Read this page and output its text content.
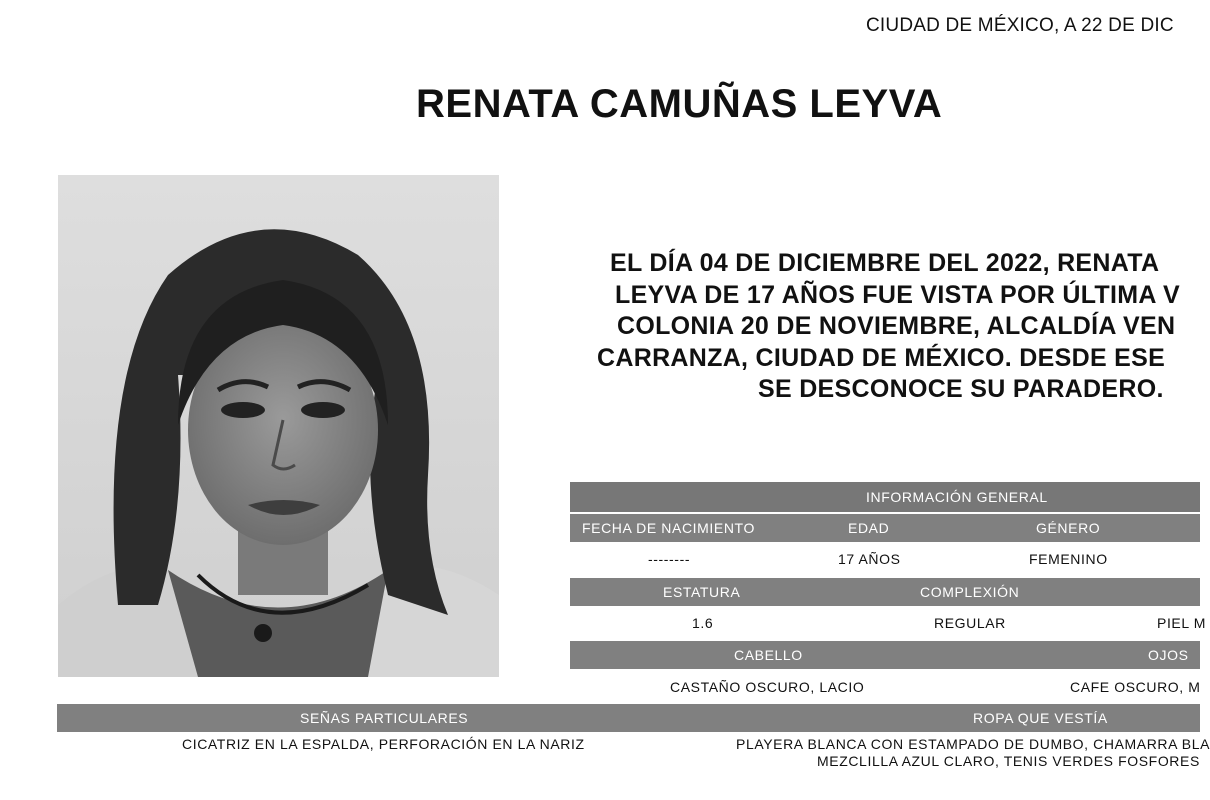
CIUDAD DE MÉXICO, A 22 DE DIC
RENATA CAMUÑAS LEYVA
EL DÍA 04 DE DICIEMBRE DEL 2022, RENATA
LEYVA DE 17 AÑOS FUE VISTA POR ÚLTIMA V
COLONIA 20 DE NOVIEMBRE, ALCALDÍA VEN
CARRANZA, CIUDAD DE MÉXICO. DESDE ESE
SE DESCONOCE SU PARADERO.
INFORMACIÓN GENERAL
FECHA DE NACIMIENTO	EDAD	GÉNERO
--------	17 AÑOS	FEMENINO
ESTATURA	COMPLEXIÓN
1.6	REGULAR	PIEL M
CABELLO	OJOS
CASTAÑO OSCURO, LACIO	CAFE OSCURO, M
SEÑAS PARTICULARES	ROPA QUE VESTÍA
CICATRIZ EN LA ESPALDA, PERFORACIÓN EN LA NARIZ	PLAYERA BLANCA CON ESTAMPADO DE DUMBO, CHAMARRA BLA
MEZCLILLA AZUL CLARO, TENIS VERDES FOSFORES
